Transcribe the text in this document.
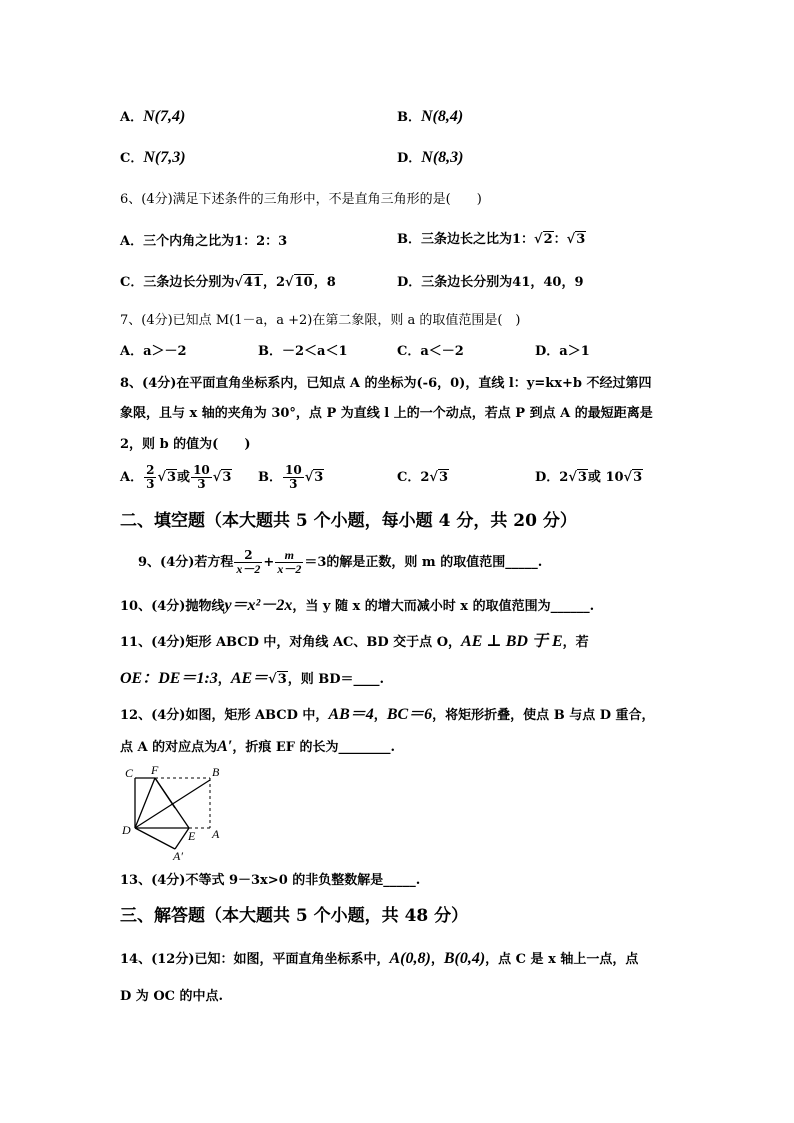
A．N(7,4)	B．N(8,4)
C．N(7,3)	D．N(8,3)
6、(4分)满足下述条件的三角形中，不是直角三角形的是(　　)
A．三个内角之比为1：2：3	B．三条边长之比为1：√2：√3
C．三条边长分别为√41，2√10，8	D．三条边长分别为41，40，9
7、(4分)已知点 M(1－a，a +2)在第二象限，则 a 的取值范围是(　)
A．a＞－2	B．－2＜a＜1	C．a＜－2	D．a＞1
8、(4分)在平面直角坐标系内，已知点 A 的坐标为(-6，0)，直线 l：y=kx+b 不经过第四
象限，且与 x 轴的夹角为 30°，点 P 为直线 l 上的一个动点，若点 P 到点 A 的最短距离是
2，则 b 的值为(　　)
A． $\frac{2}{3} √3$或 $\frac{10}{3} √3$ B． $\frac{10}{3} √3$	C．2√3	D．2√3或 10√3
二、填空题（本大题共 5 个小题，每小题 4 分，共 20 分）
9、(4分)若方程 $\frac{2}{x-2} + \frac{m}{x-2} =3$的解是正数，则 m 的取值范围_____.
10、(4分)抛物线y＝x²－2x，当 y 随 x 的增大而减小时 x 的取值范围为______.
11、(4分)矩形 ABCD 中，对角线 AC、BD 交于点 O，AE ⊥ BD 于 E，若
OE：DE＝1:3，AE＝√3，则 BD＝____.
12、(4分)如图，矩形 ABCD 中，AB＝4，BC＝6，将矩形折叠，使点 B 与点 D 重合，
点 A 的对应点为A′，折痕 EF 的长为________.
C F	B
D	E A
A′
13、(4分)不等式 9－3x>0 的非负整数解是_____.
三、解答题（本大题共 5 个小题，共 48 分）
14、(12分)已知：如图，平面直角坐标系中，A(0,8)，B(0,4)，点 C 是 x 轴上一点，点
D 为 OC 的中点.
